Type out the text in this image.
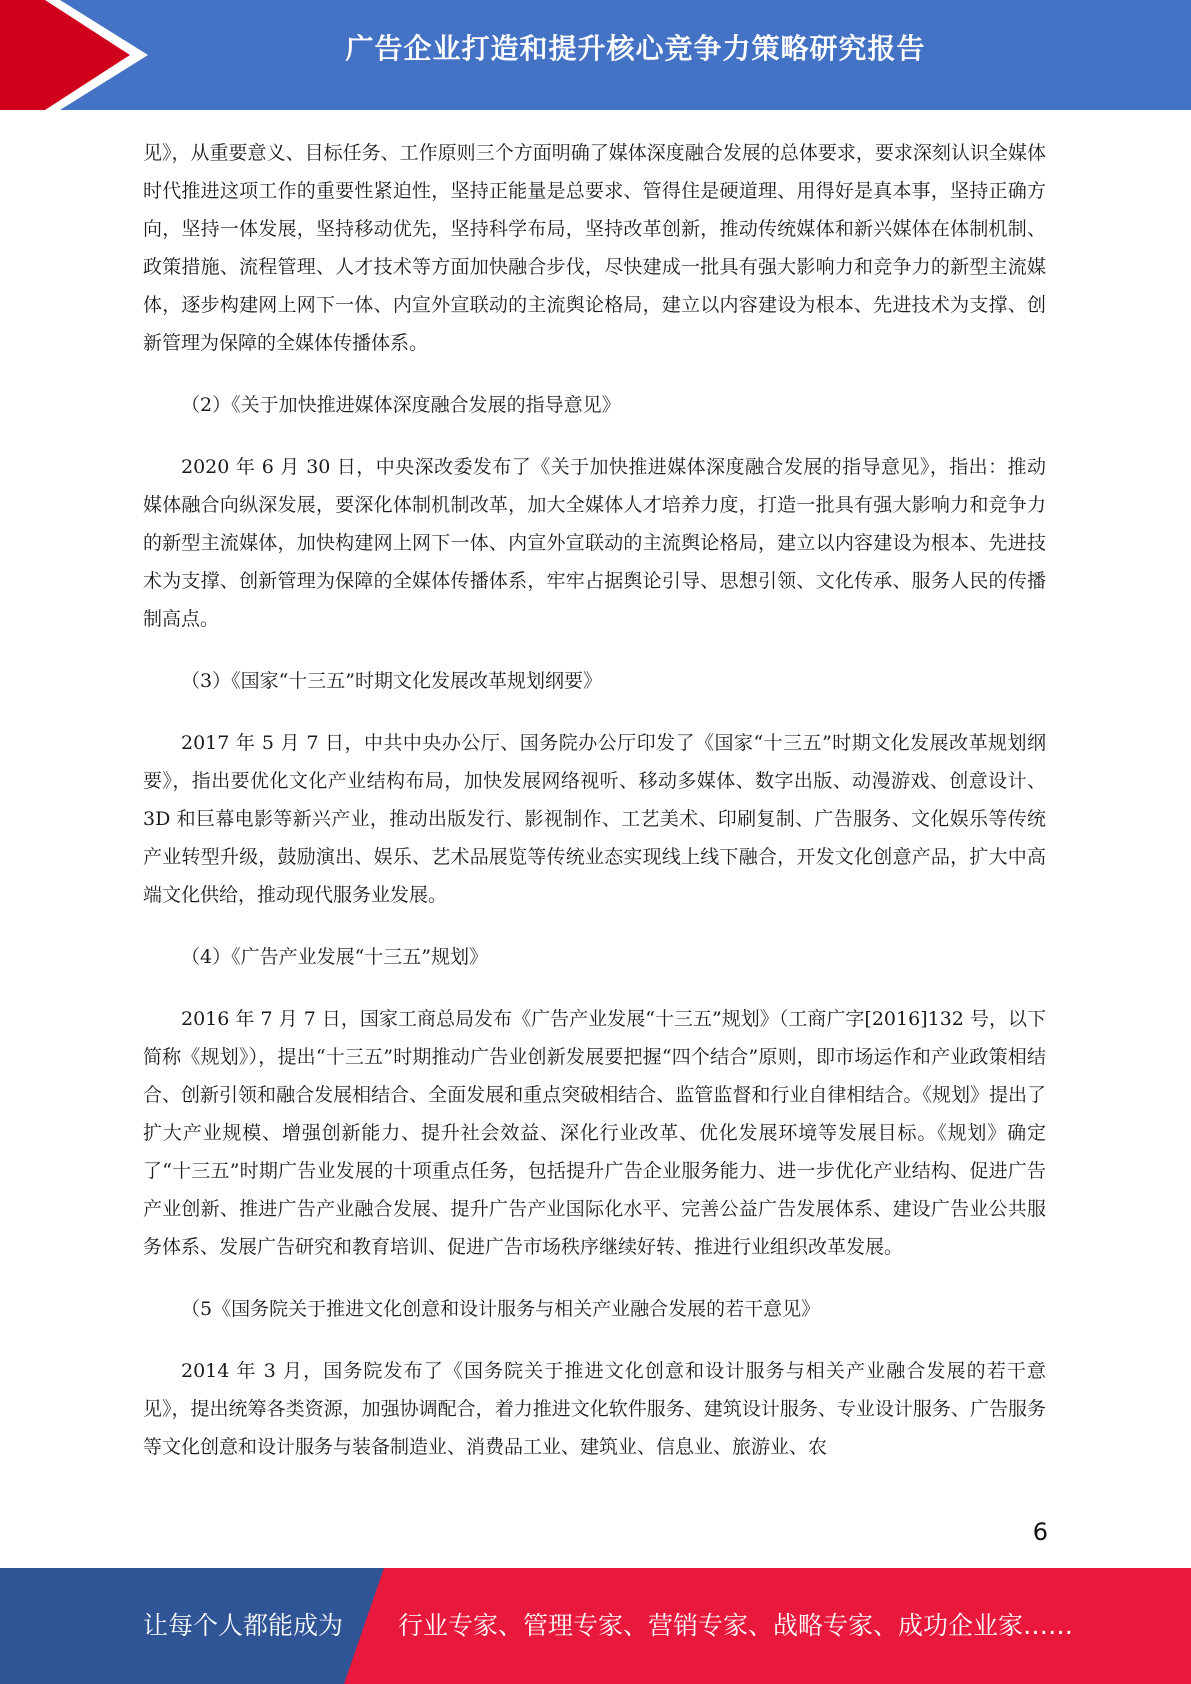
广告企业打造和提升核心竞争力策略研究报告

见》，从重要意义、目标任务、工作原则三个方面明确了媒体深度融合发展的总体要求，要求深刻认识全媒体时代推进这项工作的重要性紧迫性，坚持正能量是总要求、管得住是硬道理、用得好是真本事，坚持正确方向，坚持一体发展，坚持移动优先，坚持科学布局，坚持改革创新，推动传统媒体和新兴媒体在体制机制、政策措施、流程管理、人才技术等方面加快融合步伐，尽快建成一批具有强大影响力和竞争力的新型主流媒体，逐步构建网上网下一体、内宣外宣联动的主流舆论格局，建立以内容建设为根本、先进技术为支撑、创新管理为保障的全媒体传播体系。

（2）《关于加快推进媒体深度融合发展的指导意见》

2020 年 6 月 30 日，中央深改委发布了《关于加快推进媒体深度融合发展的指导意见》，指出：推动媒体融合向纵深发展，要深化体制机制改革，加大全媒体人才培养力度，打造一批具有强大影响力和竞争力的新型主流媒体，加快构建网上网下一体、内宣外宣联动的主流舆论格局，建立以内容建设为根本、先进技术为支撑、创新管理为保障的全媒体传播体系，牢牢占据舆论引导、思想引领、文化传承、服务人民的传播制高点。

（3）《国家“十三五”时期文化发展改革规划纲要》

2017 年 5 月 7 日，中共中央办公厅、国务院办公厅印发了《国家“十三五”时期文化发展改革规划纲要》，指出要优化文化产业结构布局，加快发展网络视听、移动多媒体、数字出版、动漫游戏、创意设计、3D 和巨幕电影等新兴产业，推动出版发行、影视制作、工艺美术、印刷复制、广告服务、文化娱乐等传统产业转型升级，鼓励演出、娱乐、艺术品展览等传统业态实现线上线下融合，开发文化创意产品，扩大中高端文化供给，推动现代服务业发展。

（4）《广告产业发展“十三五”规划》

2016 年 7 月 7 日，国家工商总局发布《广告产业发展“十三五”规划》（工商广字[2016]132 号，以下简称《规划》），提出“十三五”时期推动广告业创新发展要把握“四个结合”原则，即市场运作和产业政策相结合、创新引领和融合发展相结合、全面发展和重点突破相结合、监管监督和行业自律相结合。《规划》提出了扩大产业规模、增强创新能力、提升社会效益、深化行业改革、优化发展环境等发展目标。《规划》确定了“十三五”时期广告业发展的十项重点任务，包括提升广告企业服务能力、进一步优化产业结构、促进广告产业创新、推进广告产业融合发展、提升广告产业国际化水平、完善公益广告发展体系、建设广告业公共服务体系、发展广告研究和教育培训、促进广告市场秩序继续好转、推进行业组织改革发展。

（5《国务院关于推进文化创意和设计服务与相关产业融合发展的若干意见》

2014 年 3 月，国务院发布了《国务院关于推进文化创意和设计服务与相关产业融合发展的若干意见》，提出统筹各类资源，加强协调配合，着力推进文化软件服务、建筑设计服务、专业设计服务、广告服务等文化创意和设计服务与装备制造业、消费品工业、建筑业、信息业、旅游业、农

6
让每个人都能成为 行业专家、管理专家、营销专家、战略专家、成功企业家……
